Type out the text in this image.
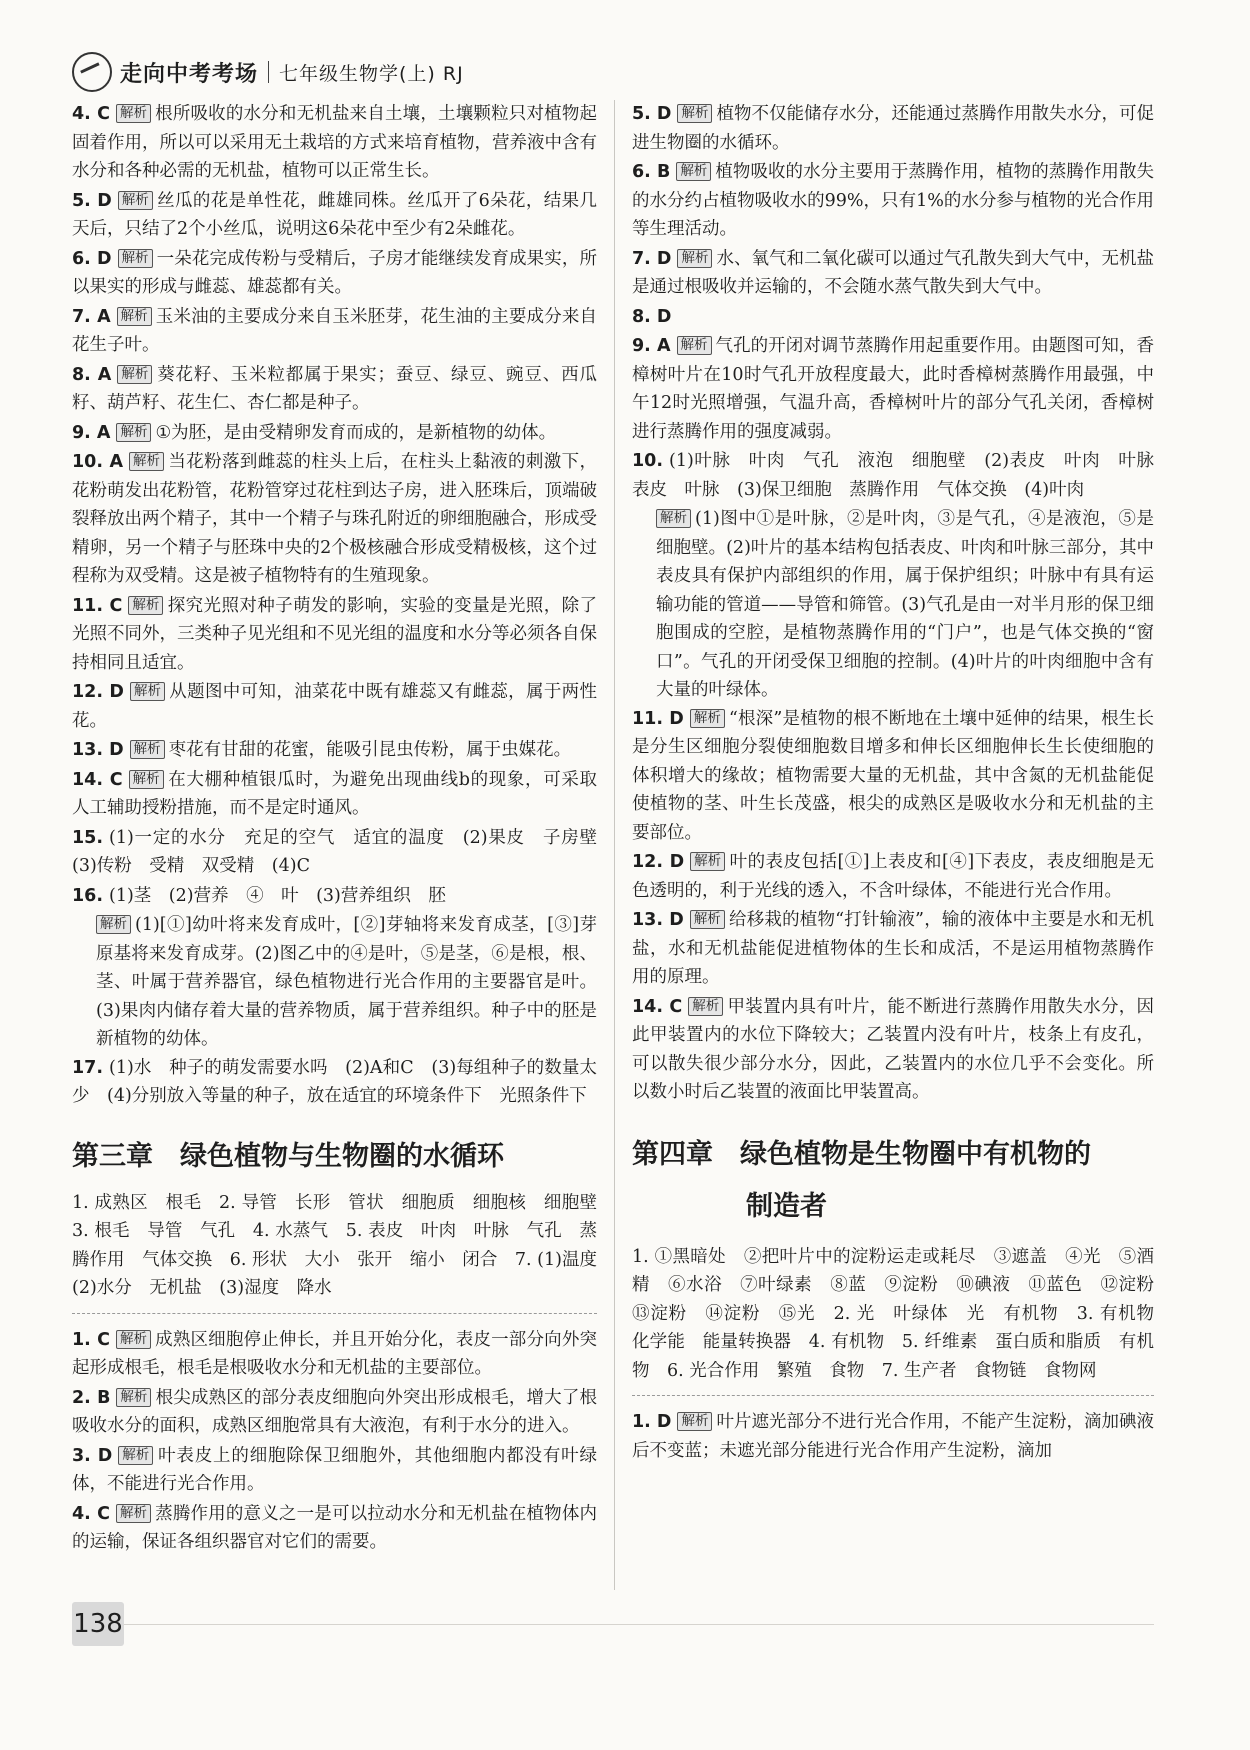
走向中考考场 七年级生物学(上) RJ
4. C 解析 根所吸收的水分和无机盐来自土壤，土壤颗粒只对植物起固着作用，所以可以采用无土栽培的方式来培育植物，营养液中含有水分和各种必需的无机盐，植物可以正常生长。
5. D 解析 丝瓜的花是单性花，雌雄同株。丝瓜开了6朵花，结果几天后，只结了2个小丝瓜，说明这6朵花中至少有2朵雌花。
6. D 解析 一朵花完成传粉与受精后，子房才能继续发育成果实，所以果实的形成与雌蕊、雄蕊都有关。
7. A 解析 玉米油的主要成分来自玉米胚芽，花生油的主要成分来自花生子叶。
8. A 解析 葵花籽、玉米粒都属于果实；蚕豆、绿豆、豌豆、西瓜籽、葫芦籽、花生仁、杏仁都是种子。
9. A 解析 ①为胚，是由受精卵发育而成的，是新植物的幼体。
10. A 解析 当花粉落到雌蕊的柱头上后，在柱头上黏液的刺激下，花粉萌发出花粉管，花粉管穿过花柱到达子房，进入胚珠后，顶端破裂释放出两个精子，其中一个精子与珠孔附近的卵细胞融合，形成受精卵，另一个精子与胚珠中央的2个极核融合形成受精极核，这个过程称为双受精。这是被子植物特有的生殖现象。
11. C 解析 探究光照对种子萌发的影响，实验的变量是光照，除了光照不同外，三类种子见光组和不见光组的温度和水分等必须各自保持相同且适宜。
12. D 解析 从题图中可知，油菜花中既有雄蕊又有雌蕊，属于两性花。
13. D 解析 枣花有甘甜的花蜜，能吸引昆虫传粉，属于虫媒花。
14. C 解析 在大棚种植银瓜时，为避免出现曲线b的现象，可采取人工辅助授粉措施，而不是定时通风。
15. (1)一定的水分　充足的空气　适宜的温度　(2)果皮　子房壁　(3)传粉　受精　双受精　(4)C
16. (1)茎　(2)营养　④　叶　(3)营养组织　胚
解析 (1)[①]幼叶将来发育成叶，[②]芽轴将来发育成茎，[③]芽原基将来发育成芽。(2)图乙中的④是叶，⑤是茎，⑥是根，根、茎、叶属于营养器官，绿色植物进行光合作用的主要器官是叶。(3)果肉内储存着大量的营养物质，属于营养组织。种子中的胚是新植物的幼体。
17. (1)水　种子的萌发需要水吗　(2)A和C　(3)每组种子的数量太少　(4)分别放入等量的种子，放在适宜的环境条件下　光照条件下
第三章　绿色植物与生物圈的水循环
1. 成熟区　根毛　2. 导管　长形　管状　细胞质　细胞核　细胞壁　3. 根毛　导管　气孔　4. 水蒸气　5. 表皮　叶肉　叶脉　气孔　蒸腾作用　气体交换　6. 形状　大小　张开　缩小　闭合　7. (1)温度　(2)水分　无机盐　(3)湿度　降水
1. C 解析 成熟区细胞停止伸长，并且开始分化，表皮一部分向外突起形成根毛，根毛是根吸收水分和无机盐的主要部位。
2. B 解析 根尖成熟区的部分表皮细胞向外突出形成根毛，增大了根吸收水分的面积，成熟区细胞常具有大液泡，有利于水分的进入。
3. D 解析 叶表皮上的细胞除保卫细胞外，其他细胞内都没有叶绿体，不能进行光合作用。
4. C 解析 蒸腾作用的意义之一是可以拉动水分和无机盐在植物体内的运输，保证各组织器官对它们的需要。
5. D 解析 植物不仅能储存水分，还能通过蒸腾作用散失水分，可促进生物圈的水循环。
6. B 解析 植物吸收的水分主要用于蒸腾作用，植物的蒸腾作用散失的水分约占植物吸收水的99%，只有1%的水分参与植物的光合作用等生理活动。
7. D 解析 水、氧气和二氧化碳可以通过气孔散失到大气中，无机盐是通过根吸收并运输的，不会随水蒸气散失到大气中。
8. D
9. A 解析 气孔的开闭对调节蒸腾作用起重要作用。由题图可知，香樟树叶片在10时气孔开放程度最大，此时香樟树蒸腾作用最强，中午12时光照增强，气温升高，香樟树叶片的部分气孔关闭，香樟树进行蒸腾作用的强度减弱。
10. (1)叶脉　叶肉　气孔　液泡　细胞壁　(2)表皮　叶肉　叶脉　表皮　叶脉　(3)保卫细胞　蒸腾作用　气体交换　(4)叶肉
解析 (1)图中①是叶脉，②是叶肉，③是气孔，④是液泡，⑤是细胞壁。(2)叶片的基本结构包括表皮、叶肉和叶脉三部分，其中表皮具有保护内部组织的作用，属于保护组织；叶脉中有具有运输功能的管道——导管和筛管。(3)气孔是由一对半月形的保卫细胞围成的空腔，是植物蒸腾作用的“门户”，也是气体交换的“窗口”。气孔的开闭受保卫细胞的控制。(4)叶片的叶肉细胞中含有大量的叶绿体。
11. D 解析 “根深”是植物的根不断地在土壤中延伸的结果，根生长是分生区细胞分裂使细胞数目增多和伸长区细胞伸长生长使细胞的体积增大的缘故；植物需要大量的无机盐，其中含氮的无机盐能促使植物的茎、叶生长茂盛，根尖的成熟区是吸收水分和无机盐的主要部位。
12. D 解析 叶的表皮包括[①]上表皮和[④]下表皮，表皮细胞是无色透明的，利于光线的透入，不含叶绿体，不能进行光合作用。
13. D 解析 给移栽的植物“打针输液”，输的液体中主要是水和无机盐，水和无机盐能促进植物体的生长和成活，不是运用植物蒸腾作用的原理。
14. C 解析 甲装置内具有叶片，能不断进行蒸腾作用散失水分，因此甲装置内的水位下降较大；乙装置内没有叶片，枝条上有皮孔，可以散失很少部分水分，因此，乙装置内的水位几乎不会变化。所以数小时后乙装置的液面比甲装置高。
第四章　绿色植物是生物圈中有机物的
制造者
1. ①黑暗处　②把叶片中的淀粉运走或耗尽　③遮盖　④光　⑤酒精　⑥水浴　⑦叶绿素　⑧蓝　⑨淀粉　⑩碘液　⑪蓝色　⑫淀粉　⑬淀粉　⑭淀粉　⑮光　2. 光　叶绿体　光　有机物　3. 有机物　化学能　能量转换器　4. 有机物　5. 纤维素　蛋白质和脂质　有机物　6. 光合作用　繁殖　食物　7. 生产者　食物链　食物网
1. D 解析 叶片遮光部分不进行光合作用，不能产生淀粉，滴加碘液后不变蓝；未遮光部分能进行光合作用产生淀粉，滴加
138
